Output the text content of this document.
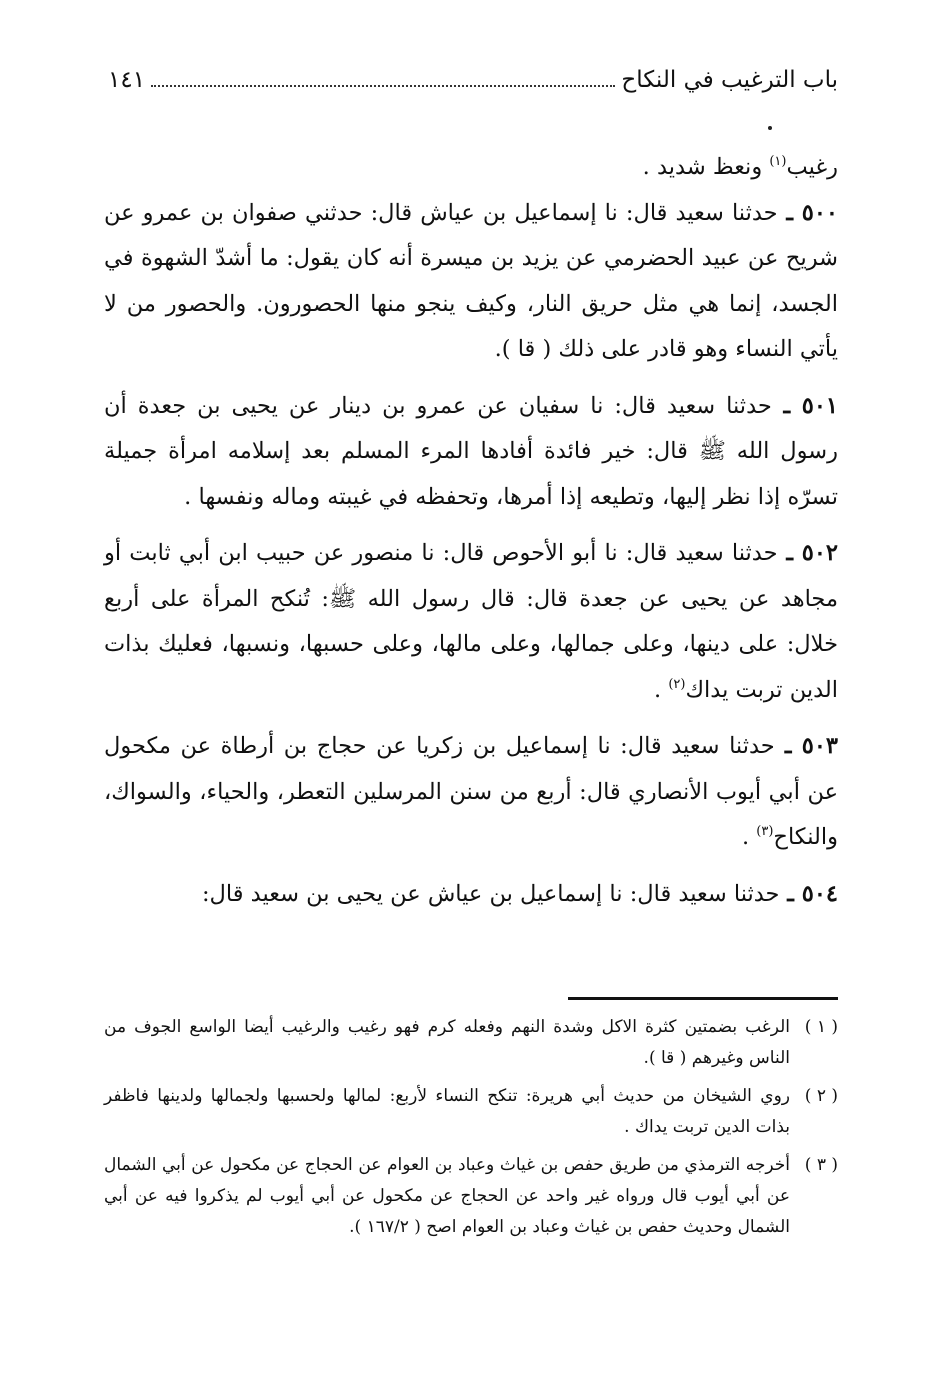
باب الترغيب في النكاح
١٤١

رغيب$^{(١)}$ ونعظ شديد .

٥٠٠ ـ حدثنا سعيد قال: نا إسماعيل بن عياش قال: حدثني صفوان بن عمرو عن شريح عن عبيد الحضرمي عن يزيد بن ميسرة أنه كان يقول: ما أشدّ الشهوة في الجسد، إنما هي مثل حريق النار، وكيف ينجو منها الحصورون. والحصور من لا يأتي النساء وهو قادر على ذلك ( قا ).

٥٠١ ـ حدثنا سعيد قال: نا سفيان عن عمرو بن دينار عن يحيى بن جعدة أن رسول الله ﷺ قال: خير فائدة أفادها المرء المسلم بعد إسلامه امرأة جميلة تسرّه إذا نظر إليها، وتطيعه إذا أمرها، وتحفظه في غيبته وماله ونفسها .

٥٠٢ ـ حدثنا سعيد قال: نا أبو الأحوص قال: نا منصور عن حبيب ابن أبي ثابت أو مجاهد عن يحيى عن جعدة قال: قال رسول الله ﷺ: تُنكح المرأة على أربع خلال: على دينها، وعلى جمالها، وعلى مالها، وعلى حسبها، ونسبها، فعليك بذات الدين تربت يداك$^{(٢)}$ .

٥٠٣ ـ حدثنا سعيد قال: نا إسماعيل بن زكريا عن حجاج بن أرطاة عن مكحول عن أبي أيوب الأنصاري قال: أربع من سنن المرسلين التعطر، والحياء، والسواك، والنكاح$^{(٣)}$ .

٥٠٤ ـ حدثنا سعيد قال: نا إسماعيل بن عياش عن يحيى بن سعيد قال:

( ١ )
الرغب بضمتين كثرة الاكل وشدة النهم وفعله كرم فهو رغيب والرغيب أيضا الواسع الجوف من الناس وغيرهم ( قا ).
( ٢ )
روي الشيخان من حديث أبي هريرة: تنكح النساء لأربع: لمالها ولحسبها ولجمالها ولدينها فاظفر بذات الدين تربت يداك .
( ٣ )
أخرجه الترمذي من طريق حفص بن غياث وعباد بن العوام عن الحجاج عن مكحول عن أبي الشمال عن أبي أيوب قال ورواه غير واحد عن الحجاج عن مكحول عن أبي أيوب لم يذكروا فيه عن أبي الشمال وحديث حفص بن غياث وعباد بن العوام اصح ( ١٦٧/٢ ).
